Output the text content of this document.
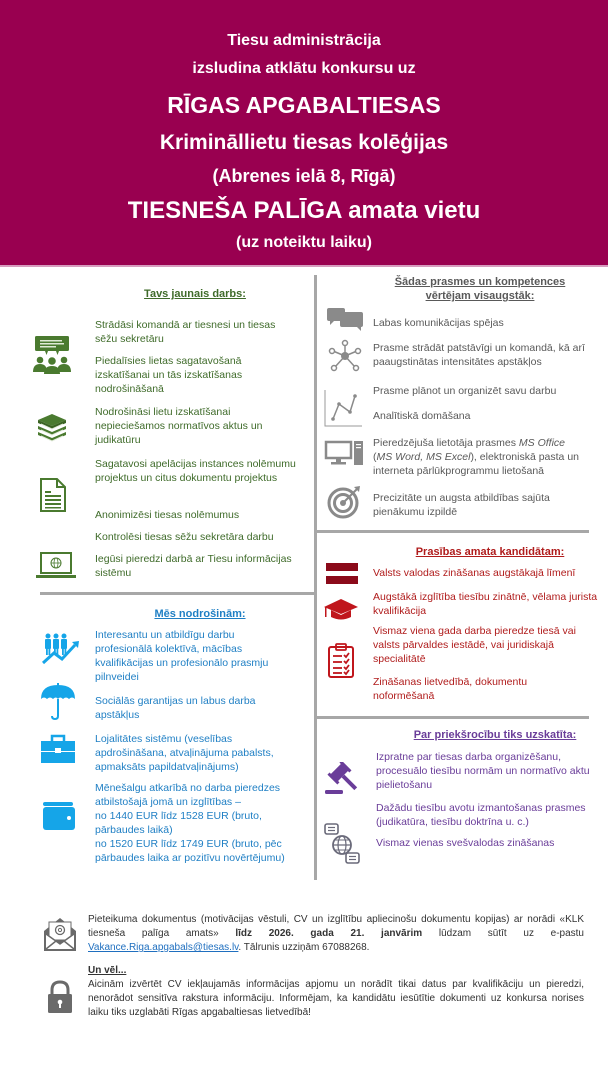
Tiesu administrācija
izsludina atklātu konkursu uz
RĪGAS APGABALTIESAS
Krimināllietu tiesas kolēģijas
(Abrenes ielā 8, Rīgā)
TIESNEŠA PALĪGA amata vietu
(uz noteiktu laiku)
Tavs jaunais darbs:
Strādāsi komandā ar tiesnesi un tiesas sēžu sekretāru
Piedalīsies lietas sagatavošanā izskatīšanai un tās izskatīšanas nodrošināšanā
Nodrošināsi lietu izskatīšanai nepieciešamos normatīvos aktus un judikatūru
Sagatavosi apelācijas instances nolēmumu projektus un citus dokumentu projektus
Anonimizēsi tiesas nolēmumus
Kontrolēsi tiesas sēžu sekretāra darbu
Iegūsi pieredzi darbā ar Tiesu informācijas sistēmu
Mēs nodrošinām:
Interesantu un atbildīgu darbu profesionālā kolektīvā, mācības kvalifikācijas un profesionālo prasmju pilnveidei
Sociālās garantijas un labus darba apstākļus
Lojalitātes sistēmu (veselības apdrošināšana, atvaļinājuma pabalsts, apmaksāts papildatvaļinājums)
Mēnešalgu atkarībā no darba pieredzes
atbilstošajā jomā un izglītības –
no 1440 EUR līdz 1528 EUR (bruto,
pārbaudes laikā)
no 1520 EUR līdz 1749 EUR (bruto, pēc
pārbaudes laika ar pozitīvu novērtējumu)
Šādas prasmes un kompetences
vērtējam visaugstāk:
Labas komunikācijas spējas
Prasme strādāt patstāvīgi un komandā, kā arī paaugstinātas intensitātes apstākļos
Prasme plānot un organizēt savu darbu
Analītiskā domāšana
Pieredzējuša lietotāja prasmes MS Office
(MS Word, MS Excel), elektroniskā pasta un
interneta pārlūkprogrammu lietošanā
Precizitāte un augsta atbildības sajūta pienākumu izpildē
Prasības amata kandidātam:
Valsts valodas zināšanas augstākajā līmenī
Augstākā izglītība tiesību zinātnē, vēlama jurista kvalifikācija
Vismaz viena gada darba pieredze tiesā vai valsts pārvaldes iestādē, vai juridiskajā specialitātē
Zināšanas lietvedībā, dokumentu noformēšanā
Par priekšrocību tiks uzskatīta:
Izpratne par tiesas darba organizēšanu, procesuālo tiesību normām un normatīvo aktu pielietošanu
Dažādu tiesību avotu izmantošanas prasmes (judikatūra, tiesību doktrīna u. c.)
Vismaz vienas svešvalodas zināšanas
Pieteikuma dokumentus (motivācijas vēstuli, CV un izglītību apliecinošu dokumentu kopijas) ar norādi «KLK tiesneša palīga amats» līdz 2026. gada 21. janvārim lūdzam sūtīt uz e-pastu Vakance.Riga.apgabals@tiesas.lv. Tālrunis uzziņām 67088268.
Un vēl...
Aicinām izvērtēt CV iekļaujamās informācijas apjomu un norādīt tikai datus par kvalifikāciju un pieredzi, nenorādot sensitīva rakstura informāciju. Informējam, ka kandidātu iesūtītie dokumenti uz konkursa norises laiku tiks uzglabāti Rīgas apgabaltiesas lietvedībā!
